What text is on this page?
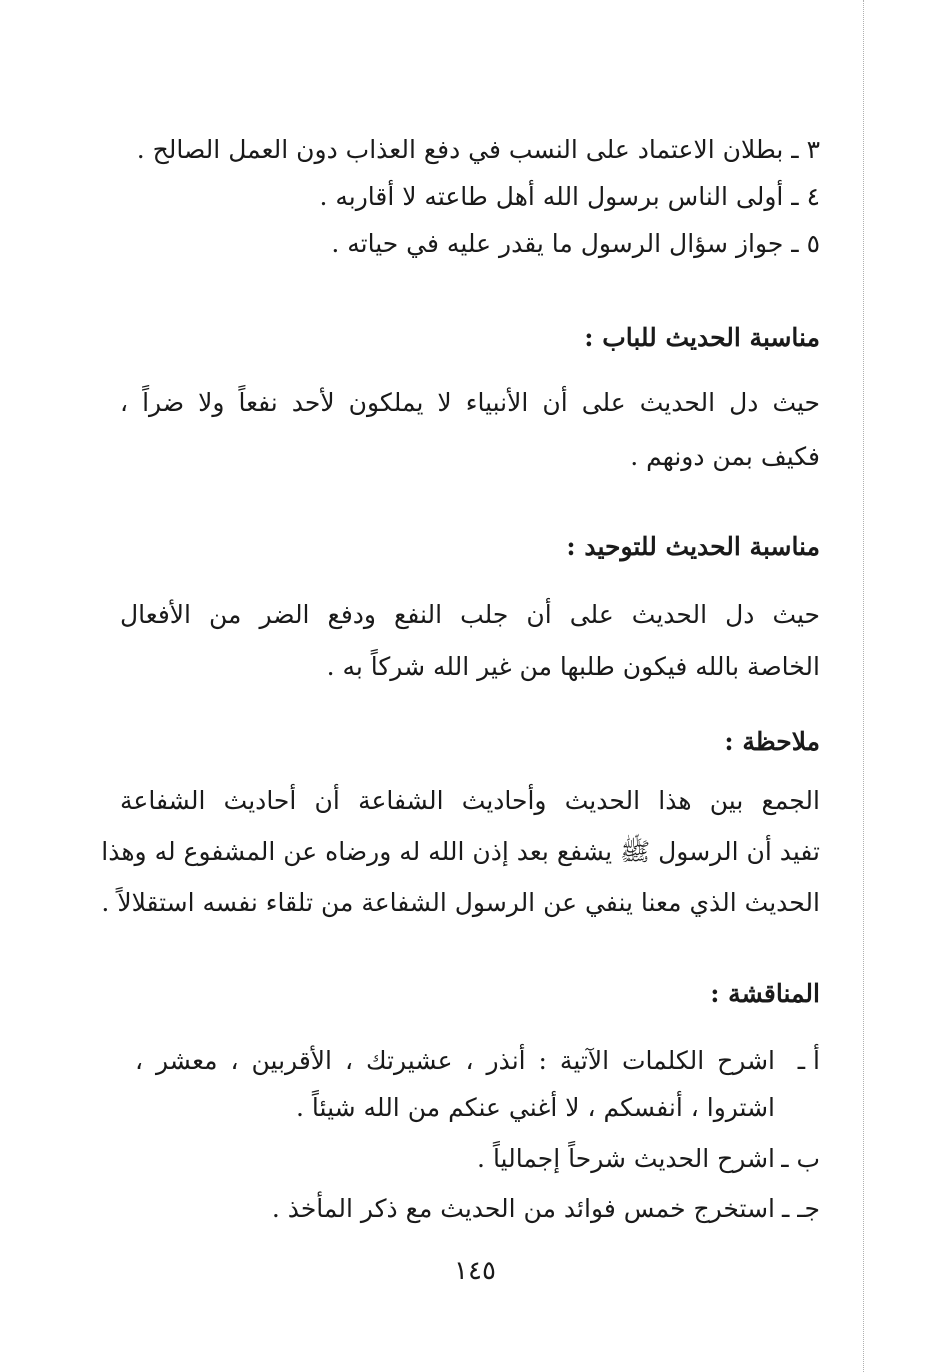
٣ ـ بطلان الاعتماد على النسب في دفع العذاب دون العمل الصالح .
٤ ـ أولى الناس برسول الله أهل طاعته لا أقاربه .
٥ ـ جواز سؤال الرسول ما يقدر عليه في حياته .
مناسبة الحديث للباب :
حيث دل الحديث على أن الأنبياء لا يملكون لأحد نفعاً ولا ضراً ،
فكيف بمن دونهم .
مناسبة الحديث للتوحيد :
حيث دل الحديث على أن جلب النفع ودفع الضر من الأفعال
الخاصة بالله فيكون طلبها من غير الله شركاً به .
ملاحظة :
الجمع بين هذا الحديث وأحاديث الشفاعة أن أحاديث الشفاعة
تفيد أن الرسول ﷺ يشفع بعد إذن الله له ورضاه عن المشفوع له وهذا
الحديث الذي معنا ينفي عن الرسول الشفاعة من تلقاء نفسه استقلالاً .
المناقشة :
أ ـ
اشرح الكلمات الآتية : أنذر ، عشيرتك ، الأقربين ، معشر ،
اشتروا ، أنفسكم ، لا أغني عنكم من الله شيئاً .
ب ـ
اشرح الحديث شرحاً إجمالياً .
جـ ـ
استخرج خمس فوائد من الحديث مع ذكر المأخذ .
١٤٥
